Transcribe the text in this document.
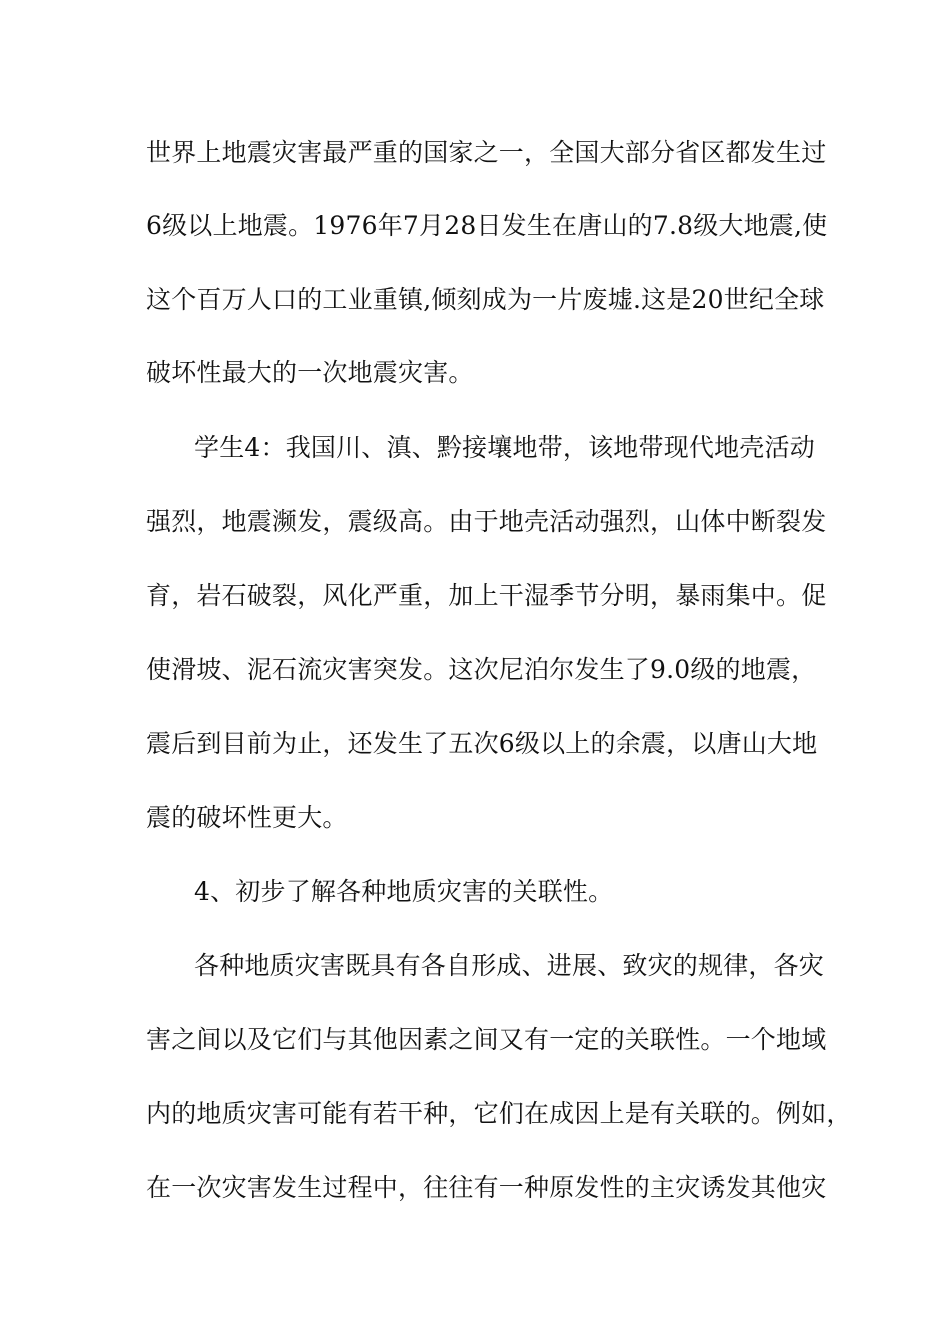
世界上地震灾害最严重的国家之一，全国大部分省区都发生过
6级以上地震。1976年7月28日发生在唐山的7.8级大地震,使
这个百万人口的工业重镇,倾刻成为一片废墟.这是20世纪全球
破坏性最大的一次地震灾害。
学生4：我国川、滇、黔接壤地带，该地带现代地壳活动
强烈，地震濒发，震级高。由于地壳活动强烈，山体中断裂发
育，岩石破裂，风化严重，加上干湿季节分明，暴雨集中。促
使滑坡、泥石流灾害突发。这次尼泊尔发生了9.0级的地震，
震后到目前为止，还发生了五次6级以上的余震，以唐山大地
震的破坏性更大。
4、初步了解各种地质灾害的关联性。
各种地质灾害既具有各自形成、进展、致灾的规律，各灾
害之间以及它们与其他因素之间又有一定的关联性。一个地域
内的地质灾害可能有若干种，它们在成因上是有关联的。例如，
在一次灾害发生过程中，往往有一种原发性的主灾诱发其他灾
